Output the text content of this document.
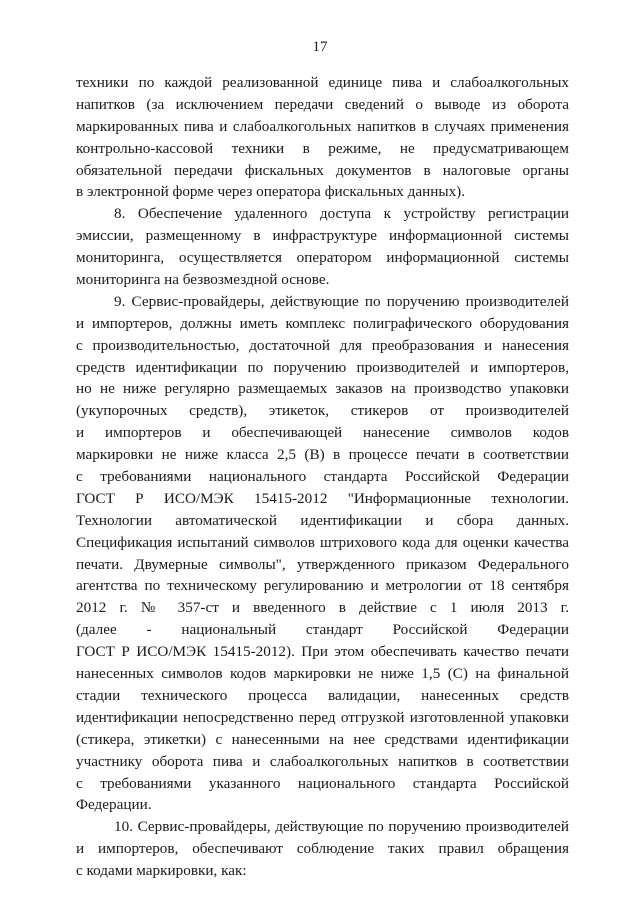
17
техники по каждой реализованной единице пива и слабоалкогольных
напитков (за исключением передачи сведений о выводе из оборота
маркированных пива и слабоалкогольных напитков в случаях применения
контрольно-кассовой техники в режиме, не предусматривающем
обязательной передачи фискальных документов в налоговые органы
в электронной форме через оператора фискальных данных).
8. Обеспечение удаленного доступа к устройству регистрации
эмиссии, размещенному в инфраструктуре информационной системы
мониторинга, осуществляется оператором информационной системы
мониторинга на безвозмездной основе.
9. Сервис-провайдеры, действующие по поручению производителей
и импортеров, должны иметь комплекс полиграфического оборудования
с производительностью, достаточной для преобразования и нанесения
средств идентификации по поручению производителей и импортеров,
но не ниже регулярно размещаемых заказов на производство упаковки
(укупорочных средств), этикеток, стикеров от производителей
и импортеров и обеспечивающей нанесение символов кодов
маркировки не ниже класса 2,5 (B) в процессе печати в соответствии
с требованиями национального стандарта Российской Федерации
ГОСТ Р ИСО/МЭК 15415-2012 "Информационные технологии.
Технологии автоматической идентификации и сбора данных.
Спецификация испытаний символов штрихового кода для оценки качества
печати. Двумерные символы", утвержденного приказом Федерального
агентства по техническому регулированию и метрологии от 18 сентября
2012 г. № 357-ст и введенного в действие с 1 июля 2013 г.
(далее - национальный стандарт Российской Федерации
ГОСТ Р ИСО/МЭК 15415-2012). При этом обеспечивать качество печати
нанесенных символов кодов маркировки не ниже 1,5 (C) на финальной
стадии технического процесса валидации, нанесенных средств
идентификации непосредственно перед отгрузкой изготовленной упаковки
(стикера, этикетки) с нанесенными на нее средствами идентификации
участнику оборота пива и слабоалкогольных напитков в соответствии
с требованиями указанного национального стандарта Российской
Федерации.
10. Сервис-провайдеры, действующие по поручению производителей
и импортеров, обеспечивают соблюдение таких правил обращения
с кодами маркировки, как:
